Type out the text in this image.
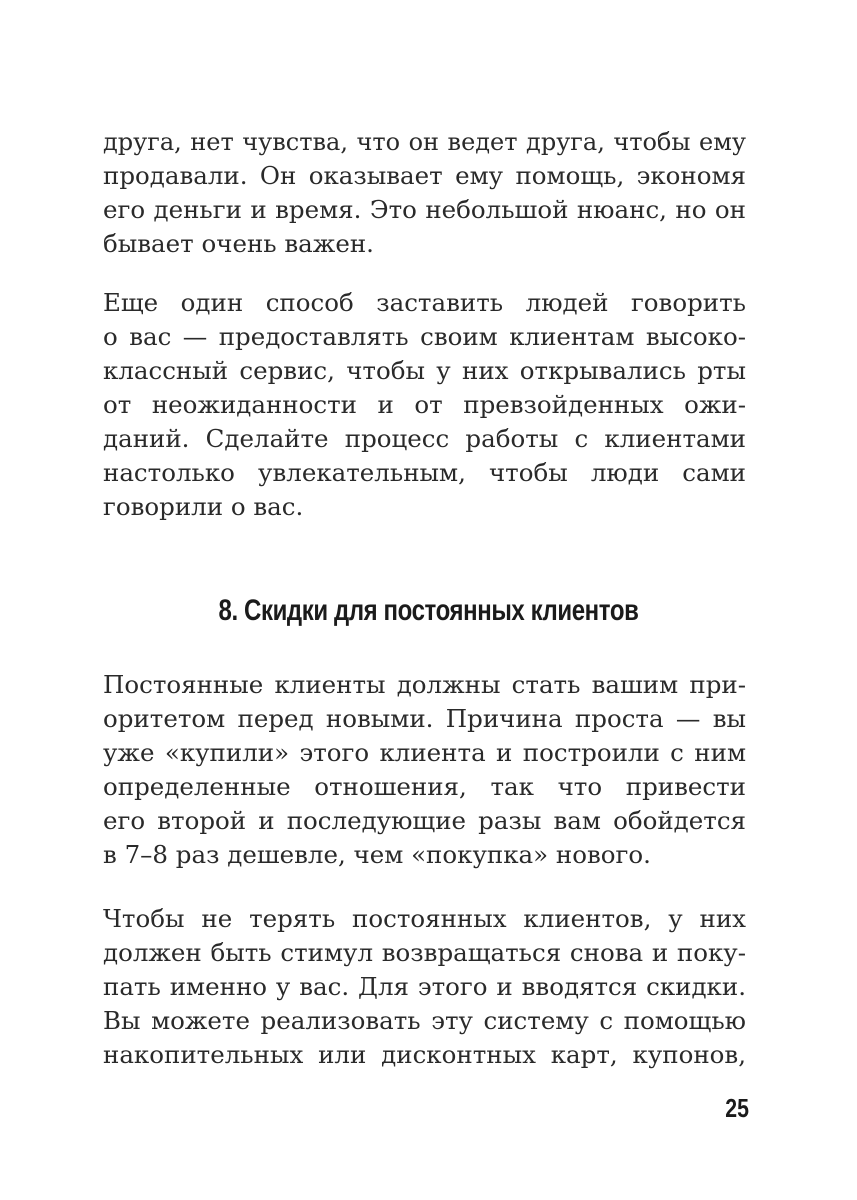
друга, нет чувства, что он ведет друга, чтобы ему
продавали. Он оказывает ему помощь, экономя
его деньги и время. Это небольшой нюанс, но он
бывает очень важен.
Еще один способ заставить людей говорить
о вас — предоставлять своим клиентам высоко-
классный сервис, чтобы у них открывались рты
от неожиданности и от превзойденных ожи-
даний. Сделайте процесс работы с клиентами
настолько увлекательным, чтобы люди сами
говорили о вас.
8. Скидки для постоянных клиентов
Постоянные клиенты должны стать вашим при-
оритетом перед новыми. Причина проста — вы
уже «купили» этого клиента и построили с ним
определенные отношения, так что привести
его второй и последующие разы вам обойдется
в 7–8 раз дешевле, чем «покупка» нового.
Чтобы не терять постоянных клиентов, у них
должен быть стимул возвращаться снова и поку-
пать именно у вас. Для этого и вводятся скидки.
Вы можете реализовать эту систему с помощью
накопительных или дисконтных карт, купонов,
25
